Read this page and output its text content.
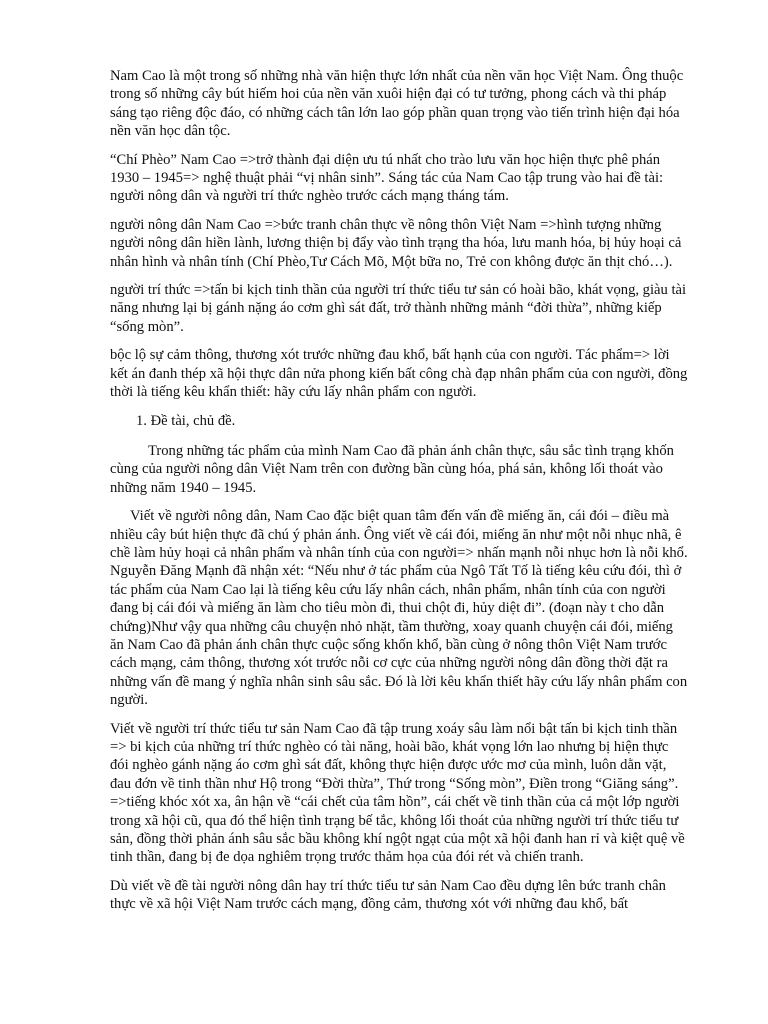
Nam Cao là một trong số những nhà văn hiện thực lớn nhất của nền văn học Việt Nam. Ông thuộc trong số những cây bút hiếm hoi của nền văn xuôi hiện đại có tư tưởng, phong cách và thi pháp sáng tạo riêng độc đáo, có những cách tân lớn lao góp phần quan trọng vào tiến trình hiện đại hóa nền văn học dân tộc.

“Chí Phèo” Nam Cao =>trở thành đại diện ưu tú nhất cho trào lưu văn học hiện thực phê phán 1930 – 1945=> nghệ thuật phải “vị nhân sinh”. Sáng tác của Nam Cao tập trung vào hai đề tài: người nông dân và người trí thức nghèo trước cách mạng tháng tám.

người nông dân Nam Cao =>bức tranh chân thực về nông thôn Việt Nam =>hình tượng những người nông dân hiền lành, lương thiện bị đẩy vào tình trạng tha hóa, lưu manh hóa, bị hủy hoại cả nhân hình và nhân tính (Chí Phèo,Tư Cách Mõ, Một bữa no, Trẻ con không được ăn thịt chó…).

người trí thức =>tấn bi kịch tinh thần của người trí thức tiểu tư sản có hoài bão, khát vọng, giàu tài năng nhưng lại bị gánh nặng áo cơm ghì sát đất, trở thành những mảnh “đời thừa”, những kiếp “sống mòn”.

bộc lộ sự cảm thông, thương xót trước những đau khổ, bất hạnh của con người. Tác phẩm=> lời kết án đanh thép xã hội thực dân nửa phong kiến bất công chà đạp nhân phẩm của con người, đồng thời là tiếng kêu khẩn thiết: hãy cứu lấy nhân phẩm con người.

1. Đề tài, chủ đề.

Trong những tác phẩm của mình Nam Cao đã phản ánh chân thực, sâu sắc tình trạng khốn cùng của người nông dân Việt Nam trên con đường bần cùng hóa, phá sản, không lối thoát vào những năm 1940 – 1945.

Viết về người nông dân, Nam Cao đặc biệt quan tâm đến vấn đề miếng ăn, cái đói – điều mà nhiều cây bút hiện thực đã chú ý phản ánh. Ông viết về cái đói, miếng ăn như một nỗi nhục nhã, ê chề làm hủy hoại cả nhân phẩm và nhân tính của con người=> nhấn mạnh nỗi nhục hơn là nỗi khổ. Nguyễn Đăng Mạnh đã nhận xét: “Nếu như ở tác phẩm của Ngô Tất Tố là tiếng kêu cứu đói, thì ở tác phẩm của Nam Cao lại là tiếng kêu cứu lấy nhân cách, nhân phẩm, nhân tính của con người đang bị cái đói và miếng ăn làm cho tiêu mòn đi, thui chột đi, hủy diệt đi”. (đoạn này t cho dẫn chứng)Như vậy qua những câu chuyện nhỏ nhặt, tầm thường, xoay quanh chuyện cái đói, miếng ăn Nam Cao đã phản ánh chân thực cuộc sống khốn khổ, bần cùng ở nông thôn Việt Nam trước cách mạng, cảm thông, thương xót trước nỗi cơ cực của những người nông dân đồng thời đặt ra những vấn đề mang ý nghĩa nhân sinh sâu sắc. Đó là lời kêu khẩn thiết hãy cứu lấy nhân phẩm con người.

Viết về người trí thức tiểu tư sản Nam Cao đã tập trung xoáy sâu làm nổi bật tấn bi kịch tinh thần => bi kịch của những trí thức nghèo có tài năng, hoài bão, khát vọng lớn lao nhưng bị hiện thực đói nghèo gánh nặng áo cơm ghì sát đất, không thực hiện được ước mơ của mình, luôn dằn vặt, đau đớn về tinh thần như Hộ trong “Đời thừa”, Thứ trong “Sống mòn”, Điền trong “Giăng sáng”. =>tiếng khóc xót xa, ân hận về “cái chết của tâm hồn”, cái chết về tinh thần của cả một lớp người trong xã hội cũ, qua đó thể hiện tình trạng bế tắc, không lối thoát của những người trí thức tiểu tư sản, đồng thời phản ánh sâu sắc bầu không khí ngột ngạt của một xã hội đanh han rỉ và kiệt quệ về tinh thần, đang bị đe dọa nghiêm trọng trước thảm họa của đói rét và chiến tranh.

Dù viết về đề tài người nông dân hay trí thức tiểu tư sản Nam Cao đều dựng lên bức tranh chân thực về xã hội Việt Nam trước cách mạng, đồng cảm, thương xót với những đau khổ, bất
